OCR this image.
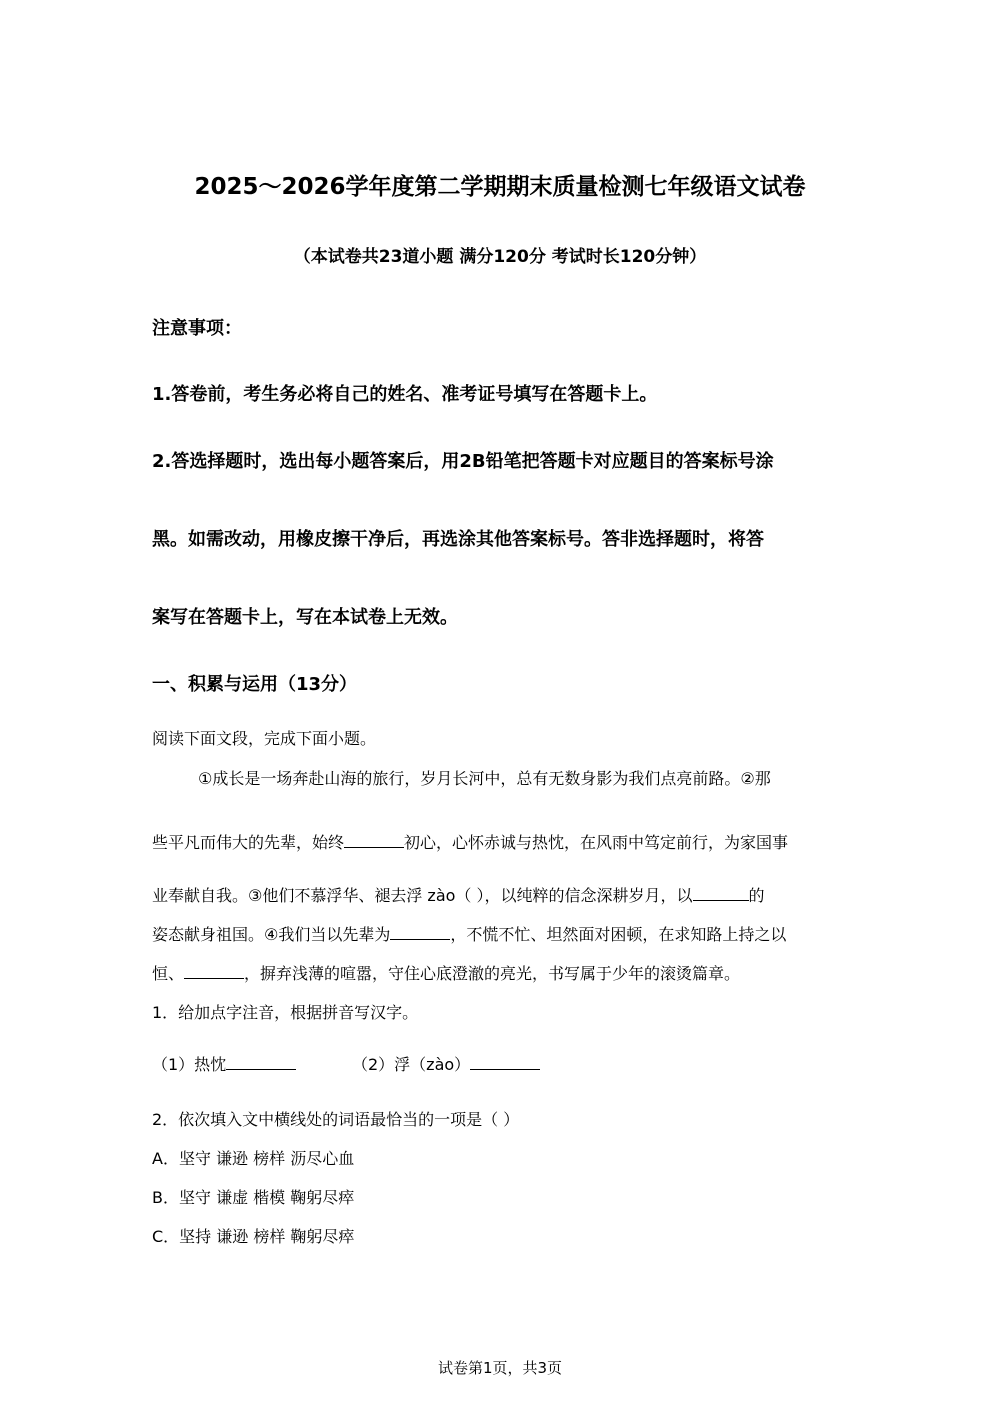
2025～2026学年度第二学期期末质量检测七年级语文试卷
（本试卷共23道小题 满分120分 考试时长120分钟）
注意事项：
1.答卷前，考生务必将自己的姓名、准考证号填写在答题卡上。
2.答选择题时，选出每小题答案后，用2B铅笔把答题卡对应题目的答案标号涂
黑。如需改动，用橡皮擦干净后，再选涂其他答案标号。答非选择题时，将答
案写在答题卡上，写在本试卷上无效。
一、积累与运用（13分）
阅读下面文段，完成下面小题。
①成长是一场奔赴山海的旅行，岁月长河中，总有无数身影为我们点亮前路。②那
些平凡而伟大的先辈，始终	初心，心怀赤诚与热忱，在风雨中笃定前行，为家国事
业奉献自我。③他们不慕浮华、褪去浮 zào（ ），以纯粹的信念深耕岁月，以	的
姿态献身祖国。④我们当以先辈为	，不慌不忙、坦然面对困顿，在求知路上持之以
恒、	，摒弃浅薄的喧嚣，守住心底澄澈的亮光，书写属于少年的滚烫篇章。
1．给加点字注音，根据拼音写汉字。
（1）热忱	（2）浮（zào）
2．依次填入文中横线处的词语最恰当的一项是（ ）
A．坚守 谦逊 榜样 沥尽心血
B．坚守 谦虚 楷模 鞠躬尽瘁
C．坚持 谦逊 榜样 鞠躬尽瘁
试卷第1页，共3页
